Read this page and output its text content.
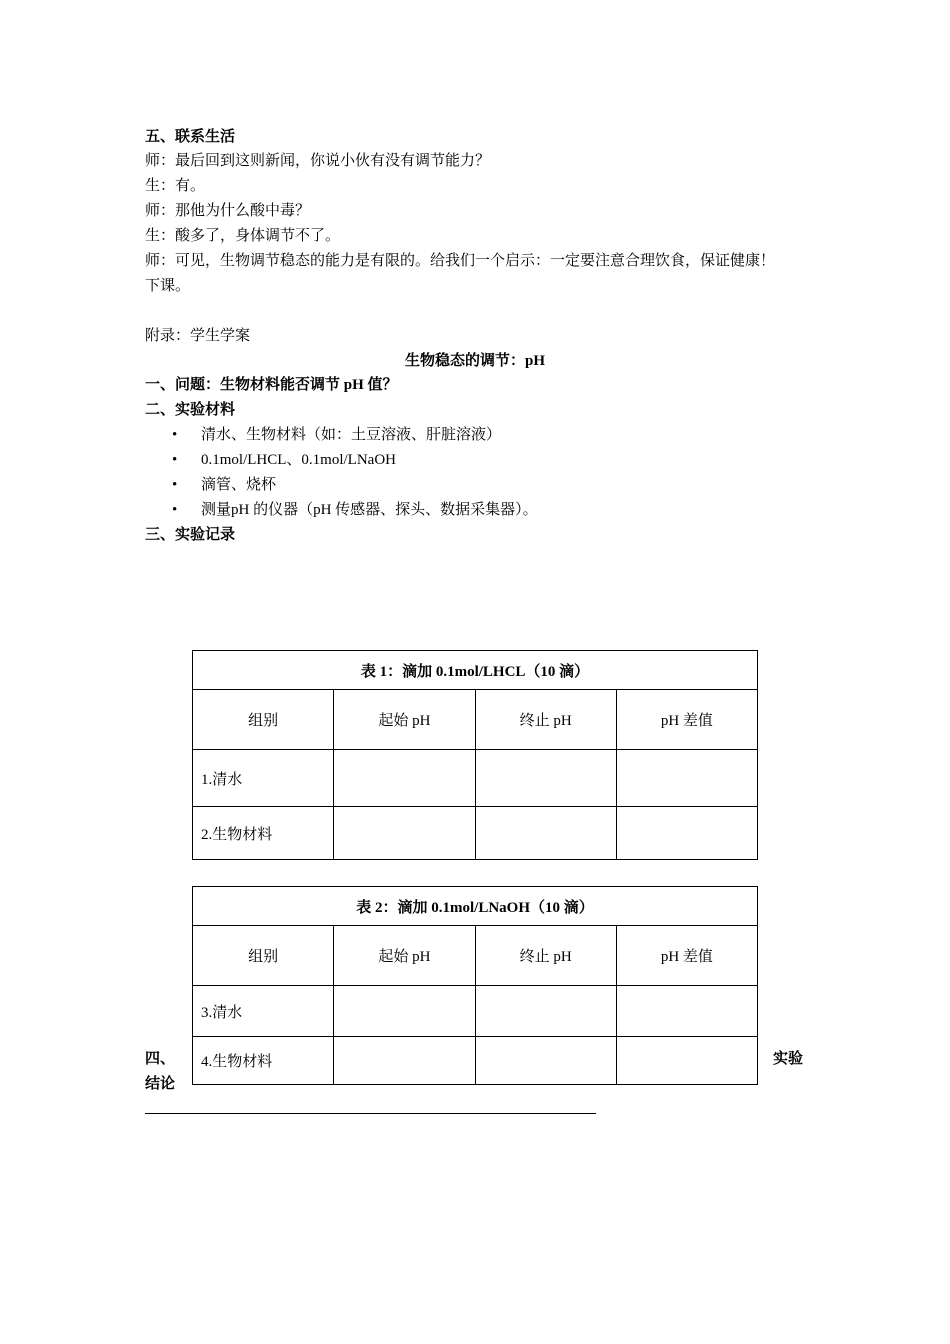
五、联系生活
师：最后回到这则新闻，你说小伙有没有调节能力？
生：有。
师：那他为什么酸中毒？
生：酸多了，身体调节不了。
师：可见，生物调节稳态的能力是有限的。给我们一个启示：一定要注意合理饮食，保证健康！
下课。
附录：学生学案
生物稳态的调节：pH
一、问题：生物材料能否调节 pH 值？
二、实验材料
• 清水、生物材料（如：土豆溶液、肝脏溶液）
• 0.1mol/LHCL、0.1mol/LNaOH
• 滴管、烧杯
• 测量pH 的仪器（pH 传感器、探头、数据采集器）。
三、实验记录
表 1：滴加 0.1mol/LHCL（10 滴）			
组别	起始 pH	终止 pH	pH 差值
1.清水			
2.生物材料			
表 2：滴加 0.1mol/LNaOH（10 滴）			
组别	起始 pH	终止 pH	pH 差值
3.清水			
4.生物材料			
四、	实验
结论
